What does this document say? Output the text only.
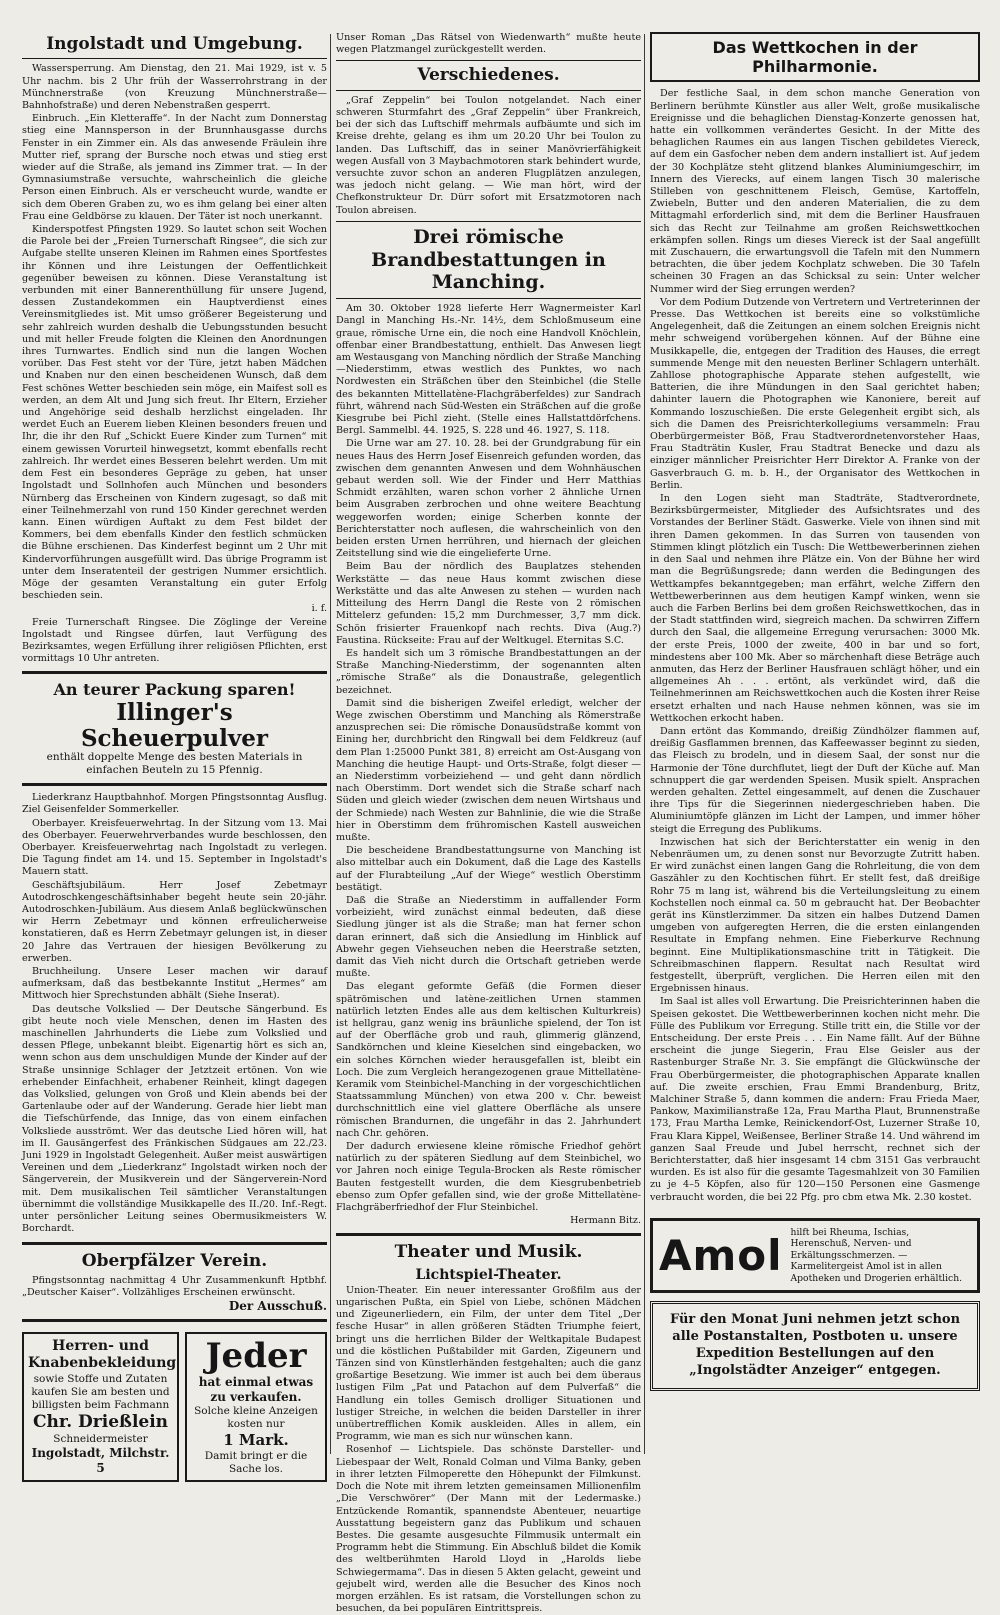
Ingolstadt und Umgebung.

Wassersperrung. Am Dienstag, den 21. Mai 1929, ist v. 5 Uhr nachm. bis 2 Uhr früh der Wasserrohrstrang in der Münchnerstraße (von Kreuzung Münchnerstraße—Bahnhofstraße) und deren Nebenstraßen gesperrt.

Einbruch. „Ein Kletteraffe“. In der Nacht zum Donnerstag stieg eine Mannsperson in der Brunnhausgasse durchs Fenster in ein Zimmer ein. Als das anwesende Fräulein ihre Mutter rief, sprang der Bursche noch etwas und stieg erst wieder auf die Straße, als jemand ins Zimmer trat. — In der Gymnasiumstraße versuchte, wahrscheinlich die gleiche Person einen Einbruch. Als er verscheucht wurde, wandte er sich dem Oberen Graben zu, wo es ihm gelang bei einer alten Frau eine Geldbörse zu klauen. Der Täter ist noch unerkannt.

Kinderspotfest Pfingsten 1929. So lautet schon seit Wochen die Parole bei der „Freien Turnerschaft Ringsee“, die sich zur Aufgabe stellte unseren Kleinen im Rahmen eines Sportfestes ihr Können und ihre Leistungen der Oeffentlichkeit gegenüber beweisen zu können. Diese Veranstaltung ist verbunden mit einer Bannerenthüllung für unsere Jugend, dessen Zustandekommen ein Hauptverdienst eines Vereinsmitgliedes ist. Mit umso größerer Begeisterung und sehr zahlreich wurden deshalb die Uebungsstunden besucht und mit heller Freude folgten die Kleinen den Anordnungen ihres Turnwartes. Endlich sind nun die langen Wochen vorüber. Das Fest steht vor der Türe, jetzt haben Mädchen und Knaben nur den einen bescheidenen Wunsch, daß dem Fest schönes Wetter beschieden sein möge, ein Maifest soll es werden, an dem Alt und Jung sich freut. Ihr Eltern, Erzieher und Angehörige seid deshalb herzlichst eingeladen. Ihr werdet Euch an Euerem lieben Kleinen besonders freuen und Ihr, die ihr den Ruf „Schickt Euere Kinder zum Turnen“ mit einem gewissen Vorurteil hinwegsetzt, kommt ebenfalls recht zahlreich. Ihr werdet eines Besseren belehrt werden. Um mit dem Fest ein besonderes Gepräge zu geben, hat unser Ingolstadt und Sollnhofen auch München und besonders Nürnberg das Erscheinen von Kindern zugesagt, so daß mit einer Teilnehmerzahl von rund 150 Kinder gerechnet werden kann. Einen würdigen Auftakt zu dem Fest bildet der Kommers, bei dem ebenfalls Kinder den festlich schmücken die Bühne erschienen. Das Kinderfest beginnt um 2 Uhr mit Kindervorführungen ausgefüllt wird. Das übrige Programm ist unter dem Inseratenteil der gestrigen Nummer ersichtlich. Möge der gesamten Veranstaltung ein guter Erfolg beschieden sein.

i. f.

Freie Turnerschaft Ringsee. Die Zöglinge der Vereine Ingolstadt und Ringsee dürfen, laut Verfügung des Bezirksamtes, wegen Erfüllung ihrer religiösen Pflichten, erst vormittags 10 Uhr antreten.

An teurer Packung sparen!
Illinger's Scheuerpulver
enthält doppelte Menge des besten Materials in einfachen Beuteln zu 15 Pfennig.

Liederkranz Hauptbahnhof. Morgen Pfingstsonntag Ausflug. Ziel Geisenfelder Sommerkeller.

Oberbayer. Kreisfeuerwehrtag. In der Sitzung vom 13. Mai des Oberbayer. Feuerwehrverbandes wurde beschlossen, den Oberbayer. Kreisfeuerwehrtag nach Ingolstadt zu verlegen. Die Tagung findet am 14. und 15. September in Ingolstadt's Mauern statt.

Geschäftsjubiläum. Herr Josef Zebetmayr Autodroschkengeschäftsinhaber begeht heute sein 20-jähr. Autodroschken-Jubiläum. Aus diesem Anlaß beglückwünschen wir Herrn Zebetmayr und können erfreulicherweise konstatieren, daß es Herrn Zebetmayr gelungen ist, in dieser 20 Jahre das Vertrauen der hiesigen Bevölkerung zu erwerben.

Bruchheilung. Unsere Leser machen wir darauf aufmerksam, daß das bestbekannte Institut „Hermes“ am Mittwoch hier Sprechstunden abhält (Siehe Inserat).

Das deutsche Volkslied — Der Deutsche Sängerbund. Es gibt heute noch viele Menschen, denen im Hasten des maschinellen Jahrhunderts die Liebe zum Volkslied und dessen Pflege, unbekannt bleibt. Eigenartig hört es sich an, wenn schon aus dem unschuldigen Munde der Kinder auf der Straße unsinnige Schlager der Jetztzeit ertönen. Von wie erhebender Einfachheit, erhabener Reinheit, klingt dagegen das Volkslied, gelungen von Groß und Klein abends bei der Gartenlaube oder auf der Wanderung. Gerade hier liebt man die Tiefschürfende, das Innige, das von einem einfachen Volksliede ausströmt. Wer das deutsche Lied hören will, hat im II. Gausängerfest des Fränkischen Südgaues am 22./23. Juni 1929 in Ingolstadt Gelegenheit. Außer meist auswärtigen Vereinen und dem „Liederkranz“ Ingolstadt wirken noch der Sängerverein, der Musikverein und der Sängerverein-Nord mit. Dem musikalischen Teil sämtlicher Veranstaltungen übernimmt die vollständige Musikkapelle des II./20. Inf.-Regt. unter persönlicher Leitung seines Obermusikmeisters W. Borchardt.

Oberpfälzer Verein.

Pfingstsonntag nachmittag 4 Uhr Zusammenkunft Hptbhf. „Deutscher Kaiser“. Vollzähliges Erscheinen erwünscht.

Der Ausschuß.

Herren- und Knabenbekleidung
sowie Stoffe und Zutaten kaufen Sie am besten und billigsten beim Fachmann
Chr. Drießlein
Schneidermeister
Ingolstadt, Milchstr. 5
Jeder
hat einmal etwas zu verkaufen.
Solche kleine Anzeigen kosten nur
1 Mark.
Damit bringt er die Sache los.

Unser Roman „Das Rätsel von Wiedenwarth“ mußte heute wegen Platzmangel zurückgestellt werden.

Verschiedenes.

„Graf Zeppelin“ bei Toulon notgelandet. Nach einer schweren Sturmfahrt des „Graf Zeppelin“ über Frankreich, bei der sich das Luftschiff mehrmals aufbäumte und sich im Kreise drehte, gelang es ihm um 20.20 Uhr bei Toulon zu landen. Das Luftschiff, das in seiner Manövrierfähigkeit wegen Ausfall von 3 Maybachmotoren stark behindert wurde, versuchte zuvor schon an anderen Flugplätzen anzulegen, was jedoch nicht gelang. — Wie man hört, wird der Chefkonstrukteur Dr. Dürr sofort mit Ersatzmotoren nach Toulon abreisen.

Drei römische Brandbestattungen in Manching.

Am 30. Oktober 1928 lieferte Herr Wagnermeister Karl Dangl in Manching Hs.-Nr. 14½, dem Schloßmuseum eine graue, römische Urne ein, die noch eine Handvoll Knöchlein, offenbar einer Brandbestattung, enthielt. Das Anwesen liegt am Westausgang von Manching nördlich der Straße Manching—Niederstimm, etwas westlich des Punktes, wo nach Nordwesten ein Sträßchen über den Steinbichel (die Stelle des bekannten Mittellatène-Flachgräberfeldes) zur Sandrach führt, während nach Süd-Westen ein Sträßchen auf die große Kiesgrube bei Pichl zieht. (Stelle eines Hallstattdörfchens. Bergl. Sammelbl. 44. 1925, S. 228 und 46. 1927, S. 118.

Die Urne war am 27. 10. 28. bei der Grundgrabung für ein neues Haus des Herrn Josef Eisenreich gefunden worden, das zwischen dem genannten Anwesen und dem Wohnhäuschen gebaut werden soll. Wie der Finder und Herr Matthias Schmidt erzählten, waren schon vorher 2 ähnliche Urnen beim Ausgraben zerbrochen und ohne weitere Beachtung weggeworfen worden; einige Scherben konnte der Berichterstatter noch auflesen, die wahrscheinlich von den beiden ersten Urnen herrühren, und hiernach der gleichen Zeitstellung sind wie die eingelieferte Urne.

Beim Bau der nördlich des Bauplatzes stehenden Werkstätte — das neue Haus kommt zwischen diese Werkstätte und das alte Anwesen zu stehen — wurden nach Mitteilung des Herrn Dangl die Reste von 2 römischen Mittelerz gefunden: 15,2 mm Durchmesser, 3,7 mm dick. Schön frisierter Frauenkopf nach rechts. Diva (Aug.?) Faustina. Rückseite: Frau auf der Weltkugel. Eternitas S.C.

Es handelt sich um 3 römische Brandbestattungen an der Straße Manching-Niederstimm, der sogenannten alten „römische Straße“ als die Donaustraße, gelegentlich bezeichnet.

Damit sind die bisherigen Zweifel erledigt, welcher der Wege zwischen Oberstimm und Manching als Römerstraße anzusprechen sei: Die römische Donausüdstraße kommt von Eining her, durchbricht den Ringwall bei dem Feldkreuz (auf dem Plan 1:25000 Punkt 381, 8) erreicht am Ost-Ausgang von Manching die heutige Haupt- und Orts-Straße, folgt dieser — an Niederstimm vorbeiziehend — und geht dann nördlich nach Oberstimm. Dort wendet sich die Straße scharf nach Süden und gleich wieder (zwischen dem neuen Wirtshaus und der Schmiede) nach Westen zur Bahnlinie, die wie die Straße hier in Oberstimm dem frühromischen Kastell ausweichen mußte.

Die bescheidene Brandbestattungsurne von Manching ist also mittelbar auch ein Dokument, daß die Lage des Kastells auf der Flurabteilung „Auf der Wiege“ westlich Oberstimm bestätigt.

Daß die Straße an Niederstimm in auffallender Form vorbeizieht, wird zunächst einmal bedeuten, daß diese Siedlung jünger ist als die Straße; man hat ferner schon daran erinnert, daß sich die Ansiedlung im Hinblick auf Abwehr gegen Viehseuchen neben die Heerstraße setzten, damit das Vieh nicht durch die Ortschaft getrieben werde mußte.

Das elegant geformte Gefäß (die Formen dieser spätrömischen und latène-zeitlichen Urnen stammen natürlich letzten Endes alle aus dem keltischen Kulturkreis) ist hellgrau, ganz wenig ins bräunliche spielend, der Ton ist auf der Oberfläche grob und rauh, glimmerig glänzend, Sandkörnchen und kleine Kieselchen sind eingebacken, wo ein solches Körnchen wieder herausgefallen ist, bleibt ein Loch. Die zum Vergleich herangezogenen graue Mittellatène-Keramik vom Steinbichel-Manching in der vorgeschichtlichen Staatssammlung München) von etwa 200 v. Chr. beweist durchschnittlich eine viel glattere Oberfläche als unsere römischen Brandurnen, die ungefähr in das 2. Jahrhundert nach Chr. gehören.

Der dadurch erwiesene kleine römische Friedhof gehört natürlich zu der späteren Siedlung auf dem Steinbichel, wo vor Jahren noch einige Tegula-Brocken als Reste römischer Bauten festgestellt wurden, die dem Kiesgrubenbetrieb ebenso zum Opfer gefallen sind, wie der große Mittellatène-Flachgräberfriedhof der Flur Steinbichel.

Hermann Bitz.

Theater und Musik.
Lichtspiel-Theater.

Union-Theater. Ein neuer interessanter Großfilm aus der ungarischen Pußta, ein Spiel von Liebe, schönen Mädchen und Zigeunerliedern, ein Film, der unter dem Titel „Der fesche Husar“ in allen größeren Städten Triumphe feiert, bringt uns die herrlichen Bilder der Weltkapitale Budapest und die köstlichen Pußtabilder mit Garden, Zigeunern und Tänzen sind von Künstlerhänden festgehalten; auch die ganz großartige Besetzung. Wie immer ist auch bei dem überaus lustigen Film „Pat und Patachon auf dem Pulverfaß“ die Handlung ein tolles Gemisch drolliger Situationen und lustiger Streiche, in welchen die beiden Darsteller in ihrer unübertrefflichen Komik auskleiden. Alles in allem, ein Programm, wie man es sich nur wünschen kann.

Rosenhof — Lichtspiele. Das schönste Darsteller- und Liebespaar der Welt, Ronald Colman und Vilma Banky, geben in ihrer letzten Filmoperette den Höhepunkt der Filmkunst. Doch die Note mit ihrem letzten gemeinsamen Millionenfilm „Die Verschwörer“ (Der Mann mit der Ledermaske.) Entzückende Romantik, spannendste Abenteuer, neuartige Ausstattung begeistern ganz das Publikum und schauen Bestes. Die gesamte ausgesuchte Filmmusik untermalt ein Programm hebt die Stimmung. Ein Abschluß bildet die Komik des weltberühmten Harold Lloyd in „Harolds liebe Schwiegermama“. Das in diesen 5 Akten gelacht, geweint und gejubelt wird, werden alle die Besucher des Kinos noch morgen erzählen. Es ist ratsam, die Vorstellungen schon zu besuchen, da bei popuIären Eintrittspreis.

Das Wettkochen in der Philharmonie.

Der festliche Saal, in dem schon manche Generation von Berlinern berühmte Künstler aus aller Welt, große musikalische Ereignisse und die behaglichen Dienstag-Konzerte genossen hat, hatte ein vollkommen verändertes Gesicht. In der Mitte des behaglichen Raumes ein aus langen Tischen gebildetes Viereck, auf dem ein Gasfocher neben dem andern installiert ist. Auf jedem der 30 Kochplätze steht glitzend blankes Aluminiumgeschirr, im Innern des Vierecks, auf einem langen Tisch 30 malerische Stilleben von geschnittenem Fleisch, Gemüse, Kartoffeln, Zwiebeln, Butter und den anderen Materialien, die zu dem Mittagmahl erforderlich sind, mit dem die Berliner Hausfrauen sich das Recht zur Teilnahme am großen Reichswettkochen erkämpfen sollen. Rings um dieses Viereck ist der Saal angefüllt mit Zuschauern, die erwartungsvoll die Tafeln mit den Nummern betrachten, die über jedem Kochplatz schweben. Die 30 Tafeln scheinen 30 Fragen an das Schicksal zu sein: Unter welcher Nummer wird der Sieg errungen werden?

Vor dem Podium Dutzende von Vertretern und Vertreterinnen der Presse. Das Wettkochen ist bereits eine so volkstümliche Angelegenheit, daß die Zeitungen an einem solchen Ereignis nicht mehr schweigend vorübergehen können. Auf der Bühne eine Musikkapelle, die, entgegen der Tradition des Hauses, die erregt summende Menge mit den neuesten Berliner Schlagern unterhält. Zahllose photographische Apparate stehen aufgestellt, wie Batterien, die ihre Mündungen in den Saal gerichtet haben; dahinter lauern die Photographen wie Kanoniere, bereit auf Kommando loszuschießen. Die erste Gelegenheit ergibt sich, als sich die Damen des Preisrichterkollegiums versammeln: Frau Oberbürgermeister Böß, Frau Stadtverordnetenvorsteher Haas, Frau Stadträtin Kusler, Frau Stadtrat Benecke und dazu als einziger männlicher Preisrichter Herr Direktor A. Franke von der Gasverbrauch G. m. b. H., der Organisator des Wettkochen in Berlin.

In den Logen sieht man Stadträte, Stadtverordnete, Bezirksbürgermeister, Mitglieder des Aufsichtsrates und des Vorstandes der Berliner Städt. Gaswerke. Viele von ihnen sind mit ihren Damen gekommen. In das Surren von tausenden von Stimmen klingt plötzlich ein Tusch: Die Wettbewerberinnen ziehen in den Saal und nehmen ihre Plätze ein. Von der Bühne her wird man die Begrüßungsrede; dann werden die Bedingungen des Wettkampfes bekanntgegeben; man erfährt, welche Ziffern den Wettbewerberinnen aus dem heutigen Kampf winken, wenn sie auch die Farben Berlins bei dem großen Reichswettkochen, das in der Stadt stattfinden wird, siegreich machen. Da schwirren Ziffern durch den Saal, die allgemeine Erregung verursachen: 3000 Mk. der erste Preis, 1000 der zweite, 400 in bar und so fort, mindestens aber 100 Mk. Aber so märchenhaft diese Beträge auch anmuten, das Herz der Berliner Hausfrauen schlägt höher, und ein allgemeines Ah . . . ertönt, als verkündet wird, daß die Teilnehmerinnen am Reichswettkochen auch die Kosten ihrer Reise ersetzt erhalten und nach Hause nehmen können, was sie im Wettkochen erkocht haben.

Dann ertönt das Kommando, dreißig Zündhölzer flammen auf, dreißig Gasflammen brennen, das Kaffeewasser beginnt zu sieden, das Fleisch zu brodeln, und in diesem Saal, der sonst nur die Harmonie der Töne durchflutet, liegt der Duft der Küche auf. Man schnuppert die gar werdenden Speisen. Musik spielt. Ansprachen werden gehalten. Zettel eingesammelt, auf denen die Zuschauer ihre Tips für die Siegerinnen niedergeschrieben haben. Die Aluminiumtöpfe glänzen im Licht der Lampen, und immer höher steigt die Erregung des Publikums.

Inzwischen hat sich der Berichterstatter ein wenig in den Nebenräumen um, zu denen sonst nur Bevorzugte Zutritt haben. Er wird zunächst einen langen Gang die Rohrleitung, die von dem Gaszähler zu den Kochtischen führt. Er stellt fest, daß dreißige Rohr 75 m lang ist, während bis die Verteilungsleitung zu einem Kochstellen noch einmal ca. 50 m gebraucht hat. Der Beobachter gerät ins Künstlerzimmer. Da sitzen ein halbes Dutzend Damen umgeben von aufgeregten Herren, die die ersten einlangenden Resultate in Empfang nehmen. Eine Fieberkurve Rechnung beginnt. Eine Multiplikationsmaschine tritt in Tätigkeit. Die Schreibmaschinen flappern. Resultat nach Resultat wird festgestellt, überprüft, verglichen. Die Herren eilen mit den Ergebnissen hinaus.

Im Saal ist alles voll Erwartung. Die Preisrichterinnen haben die Speisen gekostet. Die Wettbewerberinnen kochen nicht mehr. Die Fülle des Publikum vor Erregung. Stille tritt ein, die Stille vor der Entscheidung. Der erste Preis . . . Ein Name fällt. Auf der Bühne erscheint die junge Siegerin, Frau Else Geisler aus der Rastenburger Straße Nr. 3. Sie empfängt die Glückwünsche der Frau Oberbürgermeister, die photographischen Apparate knallen auf. Die zweite erschien, Frau Emmi Brandenburg, Britz, Malchiner Straße 5, dann kommen die andern: Frau Frieda Maer, Pankow, Maximilianstraße 12a, Frau Martha Plaut, Brunnenstraße 173, Frau Martha Lemke, Reinickendorf-Ost, Luzerner Straße 10, Frau Klara Kippel, Weißensee, Berliner Straße 14. Und während im ganzen Saal Freude und Jubel herrscht, rechnet sich der Berichterstatter, daß hier insgesamt 14 cbm 3151 Gas verbraucht wurden. Es ist also für die gesamte Tagesmahlzeit von 30 Familien zu je 4–5 Köpfen, also für 120—150 Personen eine Gasmenge verbraucht worden, die bei 22 Pfg. pro cbm etwa Mk. 2.30 kostet.

Amol hilft bei Rheuma, Ischias, Herenschuß, Nerven- und Erkältungsschmerzen. — Karmelitergeist Amol ist in allen Apotheken und Drogerien erhältlich.
Für den Monat Juni nehmen jetzt schon alle Postanstalten, Postboten u. unsere Expedition Bestellungen auf den „Ingolstädter Anzeiger“ entgegen.
